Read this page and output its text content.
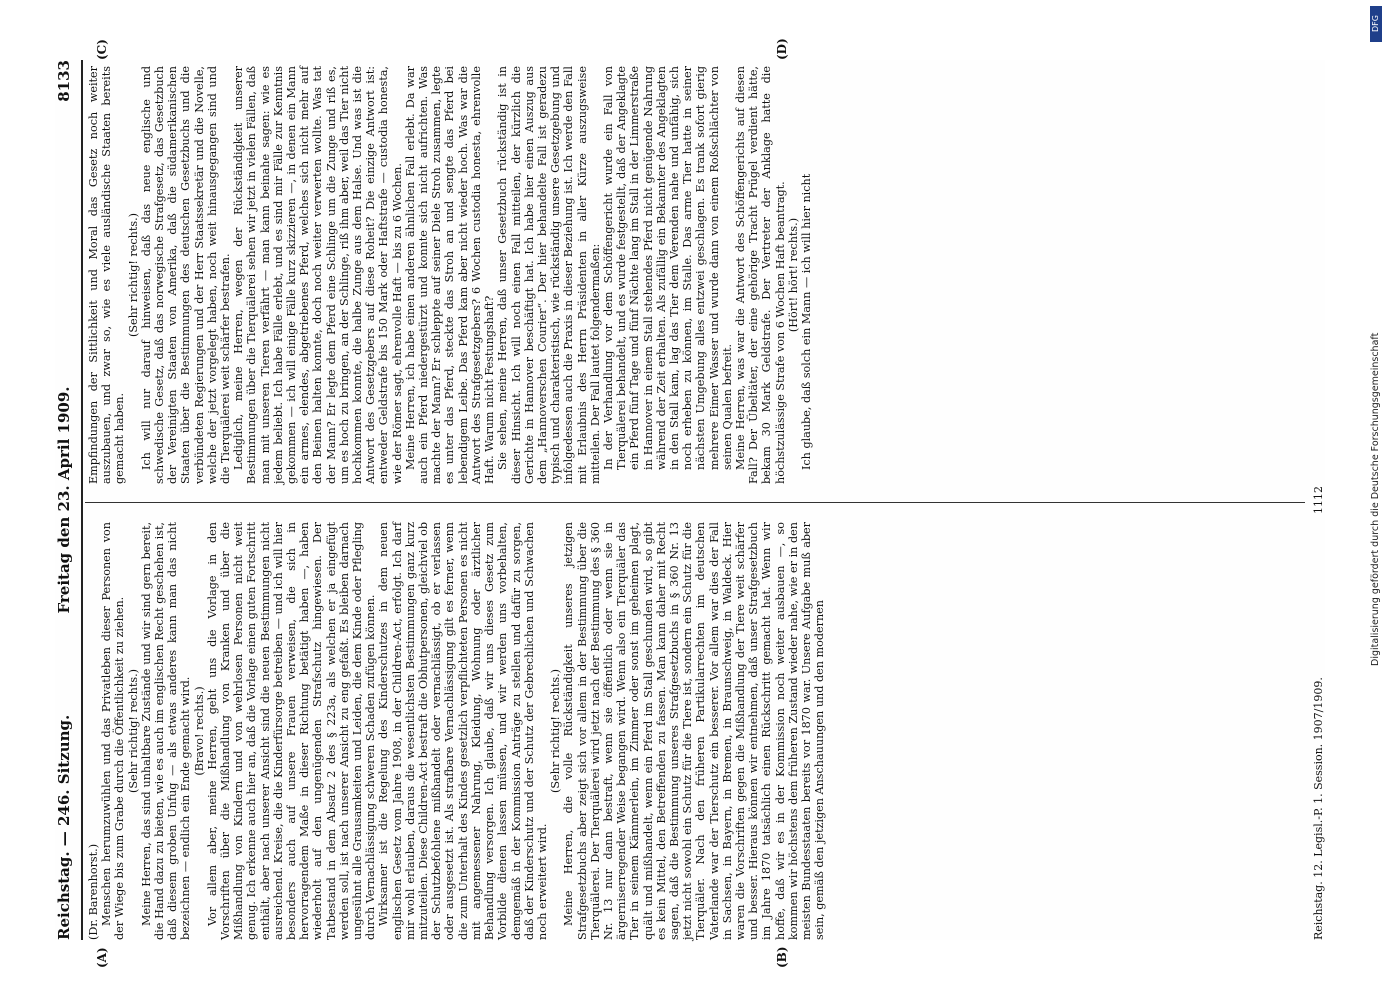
Reichstag. — 246. Sitzung.
Freitag den 23. April 1909.
8133
(A)	(B)
(C)	(D)

(Dr. Barenhorst.) Menschen herumzuwühlen und das Privatleben dieser Personen von der Wiege bis zum Grabe durch die Öffentlichkeit zu ziehen. (Sehr richtig! rechts.) Meine Herren, das sind unhaltbare Zustände und wir sind gern bereit, die Hand dazu zu bieten, wie es auch im englischen Recht geschehen ist, daß diesem groben Unfug — als etwas anderes kann man das nicht bezeichnen — endlich ein Ende gemacht wird. (Bravo! rechts.) Vor allem aber, meine Herren, geht uns die Vorlage in den Vorschriften über die Mißhandlung von Kranken und über die Mißhandlung von Kindern und von wehrlosen Personen nicht weit genug. Ich erkenne auch hier an, daß die Vorlage einen guten Fortschritt enthält, aber nach unserer Ansicht sind die neuen Bestimmungen nicht ausreichend. Kreise, die die Kinderfürsorge betreiben — und ich will hier besonders auch auf unsere Frauen verweisen, die sich in hervorragendem Maße in dieser Richtung betätigt haben —, haben wiederholt auf den ungenügenden Strafschutz hingewiesen. Der Tatbestand in dem Absatz 2 des § 223a, als welchen er ja eingefügt werden soll, ist nach unserer Ansicht zu eng gefaßt. Es bleiben darnach ungesühnt alle Grausamkeiten und Leiden, die dem Kinde oder Pflegling durch Vernachlässigung schweren Schaden zufügen können. Wirksamer ist die Regelung des Kinderschutzes in dem neuen englischen Gesetz vom Jahre 1908, in der Children-Act, erfolgt. Ich darf mir wohl erlauben, daraus die wesentlichsten Bestimmungen ganz kurz mitzuteilen. Diese Children-Act bestraft die Obhutpersonen, gleichviel ob der Schutzbefohlene mißhandelt oder vernachlässigt, ob er verlassen oder ausgesetzt ist. Als strafbare Vernachlässigung gilt es ferner, wenn die zum Unterhalt des Kindes gesetzlich verpflichteten Personen es nicht mit angemessener Nahrung, Kleidung, Wohnung oder ärztlicher Behandlung versorgen. Ich glaube, daß wir uns dieses Gesetz zum Vorbilde dienen lassen müssen, und wir werden uns vorbehalten, demgemäß in der Kommission Anträge zu stellen und dafür zu sorgen, daß der Kinderschutz und der Schutz der Gebrechlichen und Schwachen noch erweitert wird.

(Sehr richtig! rechts.) Meine Herren, die volle Rückständigkeit unseres jetzigen Strafgesetzbuchs aber zeigt sich vor allem in der Bestimmung über die Tierquälerei. Der Tierquälerei wird jetzt nach der Bestimmung des § 360 Nr. 13 nur dann bestraft, wenn sie öffentlich oder wenn sie in ärgerniserregender Weise begangen wird. Wenn also ein Tierquäler das Tier in seinem Kämmerlein, im Zimmer oder sonst im geheimen plagt, quält und mißhandelt, wenn ein Pferd im Stall geschunden wird, so gibt es kein Mittel, den Betreffenden zu fassen. Man kann daher mit Recht sagen, daß die Bestimmung unseres Strafgesetzbuchs in § 360 Nr. 13 jetzt nicht sowohl ein Schutz für die Tiere ist, sondern ein Schutz für die Tierquäler. Nach den früheren Partikularrechten im deutschen Vaterlande war der Tierschutz ein besserer. Vor allem war dies der Fall in Sachsen, in Bayern, in Bremen, in Braunschweig, in Waldeck. Hier waren die Vorschriften gegen die Mißhandlung der Tiere weit schärfer und besser. Hieraus können wir entnehmen, daß unser Strafgesetzbuch im Jahre 1870 tatsächlich einen Rückschritt gemacht hat. Wenn wir hoffe, daß wir es in der Kommission noch weiter ausbauen —, so kommen wir höchstens dem früheren Zustand wieder nahe, wie er in den meisten Bundesstaaten bereits vor 1870 war. Unsere Aufgabe muß aber sein, gemäß den jetzigen Anschauungen und den modernen

Empfindungen der Sittlichkeit und Moral das Gesetz noch weiter auszubauen, und zwar so, wie es viele ausländische Staaten bereits gemacht haben.

(Sehr richtig! rechts.) Ich will nur darauf hinweisen, daß das neue englische und schwedische Gesetz, daß das norwegische Strafgesetz, das Gesetzbuch der Vereinigten Staaten von Amerika, daß die südamerikanischen Staaten über die Bestimmungen des deutschen Gesetzbuchs und die verbündeten Regierungen und der Herr Staatssekretär und die Novelle, welche der jetzt vorgelegt haben, noch weit hinausgegangen sind und die Tierquälerei weit schärfer bestrafen. Lediglich, meine Herren, wegen der Rückständigkeit unserer Bestimmungen über die Tierquälerei sehen wir jetzt in vielen Fällen, daß man mit unseren Tieren verfährt — man kann beinahe sagen: wie es jedem beliebt. Ich habe Fälle erlebt, und es sind mir Fälle zur Kenntnis gekommen — ich will einige Fälle kurz skizzieren —, in denen ein Mann ein armes, elendes, abgetriebenes Pferd, welches sich nicht mehr auf den Beinen halten konnte, doch noch weiter verwerten wollte. Was tat der Mann? Er legte dem Pferd eine Schlinge um die Zunge und riß es, um es hoch zu bringen, an der Schlinge, riß ihm aber, weil das Tier nicht hochkommen konnte, die halbe Zunge aus dem Halse. Und was ist die Antwort des Gesetzgebers auf diese Roheit? Die einzige Antwort ist: entweder Geldstrafe bis 150 Mark oder Haftstrafe — custodia honesta, wie der Römer sagt, ehrenvolle Haft — bis zu 6 Wochen. Meine Herren, ich habe einen anderen ähnlichen Fall erlebt. Da war auch ein Pferd niedergestürzt und konnte sich nicht aufrichten. Was machte der Mann? Er schleppte auf seiner Diele Stroh zusammen, legte es unter das Pferd, steckte das Stroh an und sengte das Pferd bei lebendigem Leibe. Das Pferd kam aber nicht wieder hoch. Was war die Antwort des Strafgesetzgebers? 6 Wochen custodia honesta, ehrenvolle Haft. Warum nicht Festungshaft? Sie sehen, meine Herren, daß unser Gesetzbuch rückständig ist in dieser Hinsicht. Ich will noch einen Fall mitteilen, der kürzlich die Gerichte in Hannover beschäftigt hat. Ich habe hier einen Auszug aus dem „Hannoverschen Courier“. Der hier behandelte Fall ist geradezu typisch und charakteristisch, wie rückständig unsere Gesetzgebung und infolgedessen auch die Praxis in dieser Beziehung ist. Ich werde den Fall mit Erlaubnis des Herrn Präsidenten in aller Kürze auszugsweise mitteilen. Der Fall lautet folgendermaßen: In der Verhandlung vor dem Schöffengericht wurde ein Fall von Tierquälerei behandelt, und es wurde festgestellt, daß der Angeklagte ein Pferd fünf Tage und fünf Nächte lang im Stall in der Limmerstraße in Hannover in einem Stall stehendes Pferd nicht genügende Nahrung während der Zeit erhalten. Als zufällig ein Bekannter des Angeklagten in den Stall kam, lag das Tier dem Verenden nahe und unfähig, sich noch erheben zu können, im Stalle. Das arme Tier hatte in seiner nächsten Umgebung alles entzwei geschlagen. Es trank sofort gierig mehrere Eimer Wasser und wurde dann von einem Roßschlächter von seinen Qualen befreit. Meine Herren, was war die Antwort des Schöffengerichts auf diesen Fall? Der Übeltäter, der eine gehörige Tracht Prügel verdient hätte, bekam 30 Mark Geldstrafe. Der Vertreter der Anklage hatte die höchstzulässige Strafe von 6 Wochen Haft beantragt. (Hört! hört! rechts.) Ich glaube, daß solch ein Mann — ich will hier nicht

Reichstag. 12. Legisl.-P. 1. Session. 1907/1909.
1112
DFG
Digitalisierung gefördert durch die Deutsche Forschungsgemeinschaft
